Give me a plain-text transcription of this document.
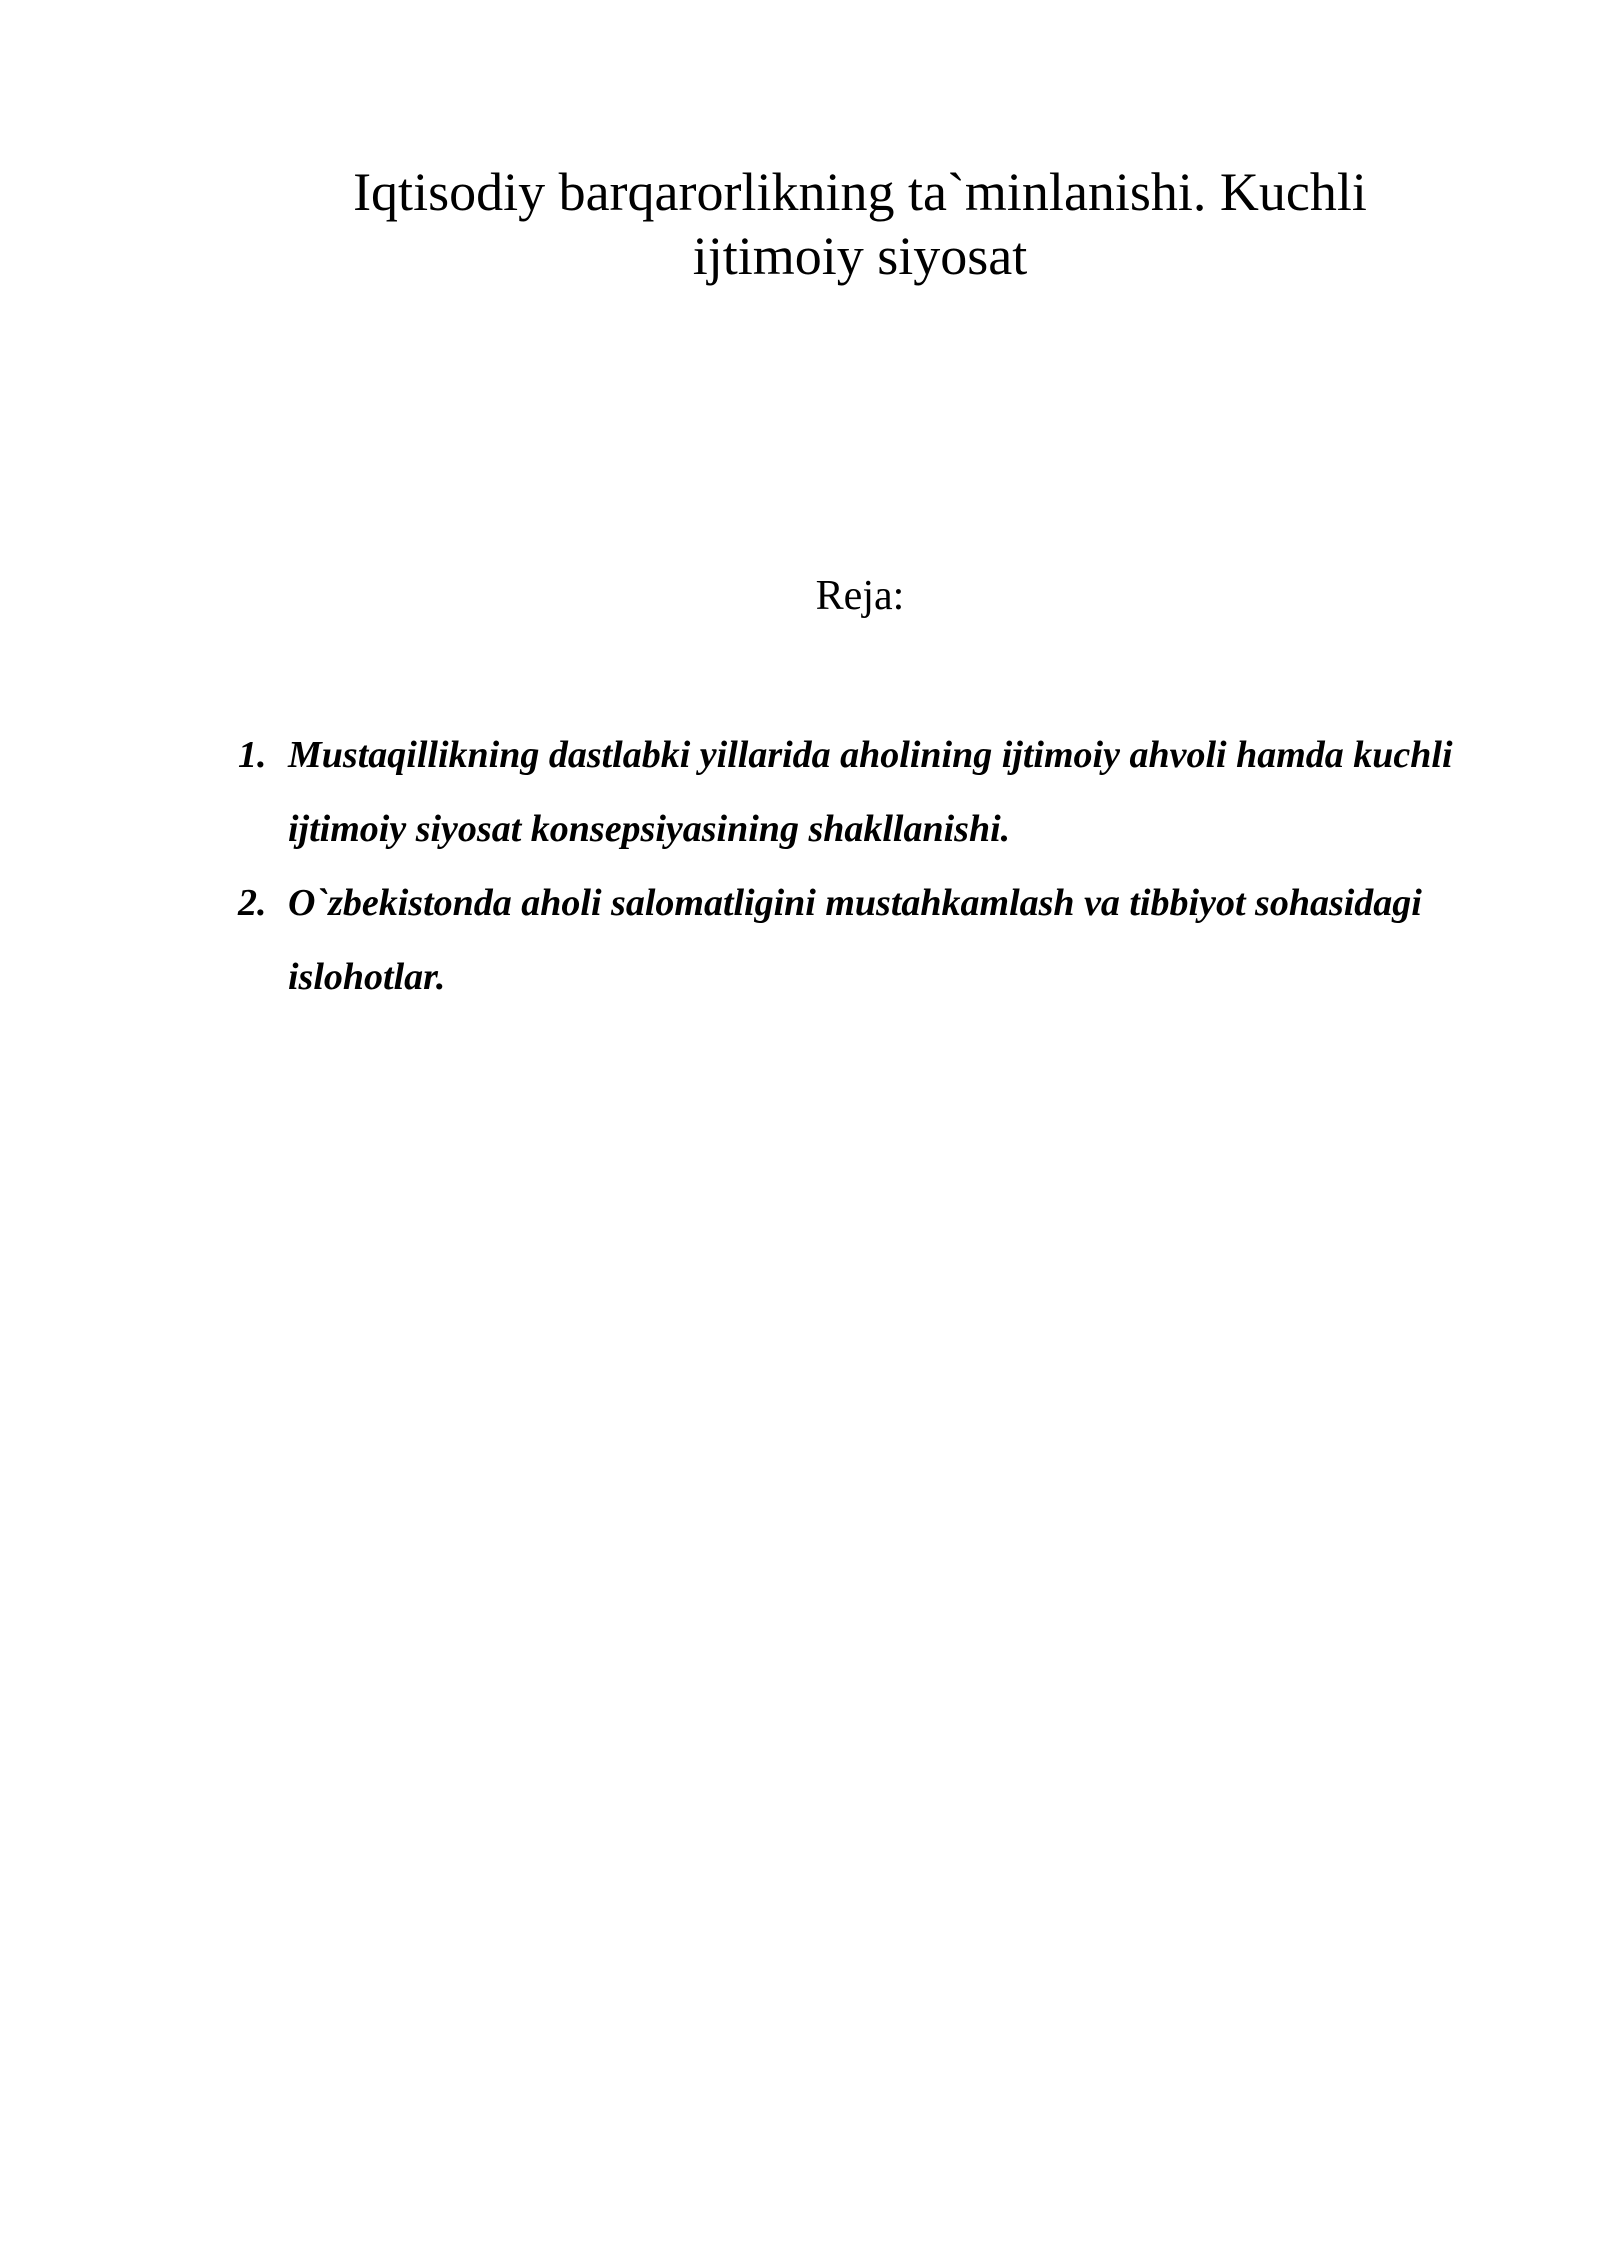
Iqtisodiy barqarorlikning ta`minlanishi. Kuchli
ijtimoiy siyosat
Reja:
1. Mustaqillikning dastlabki yillarida aholining ijtimoiy ahvoli hamda kuchli ijtimoiy siyosat konsepsiyasining shakllanishi.
2. O`zbekistonda aholi salomatligini mustahkamlash va tibbiyot sohasidagi islohotlar.
